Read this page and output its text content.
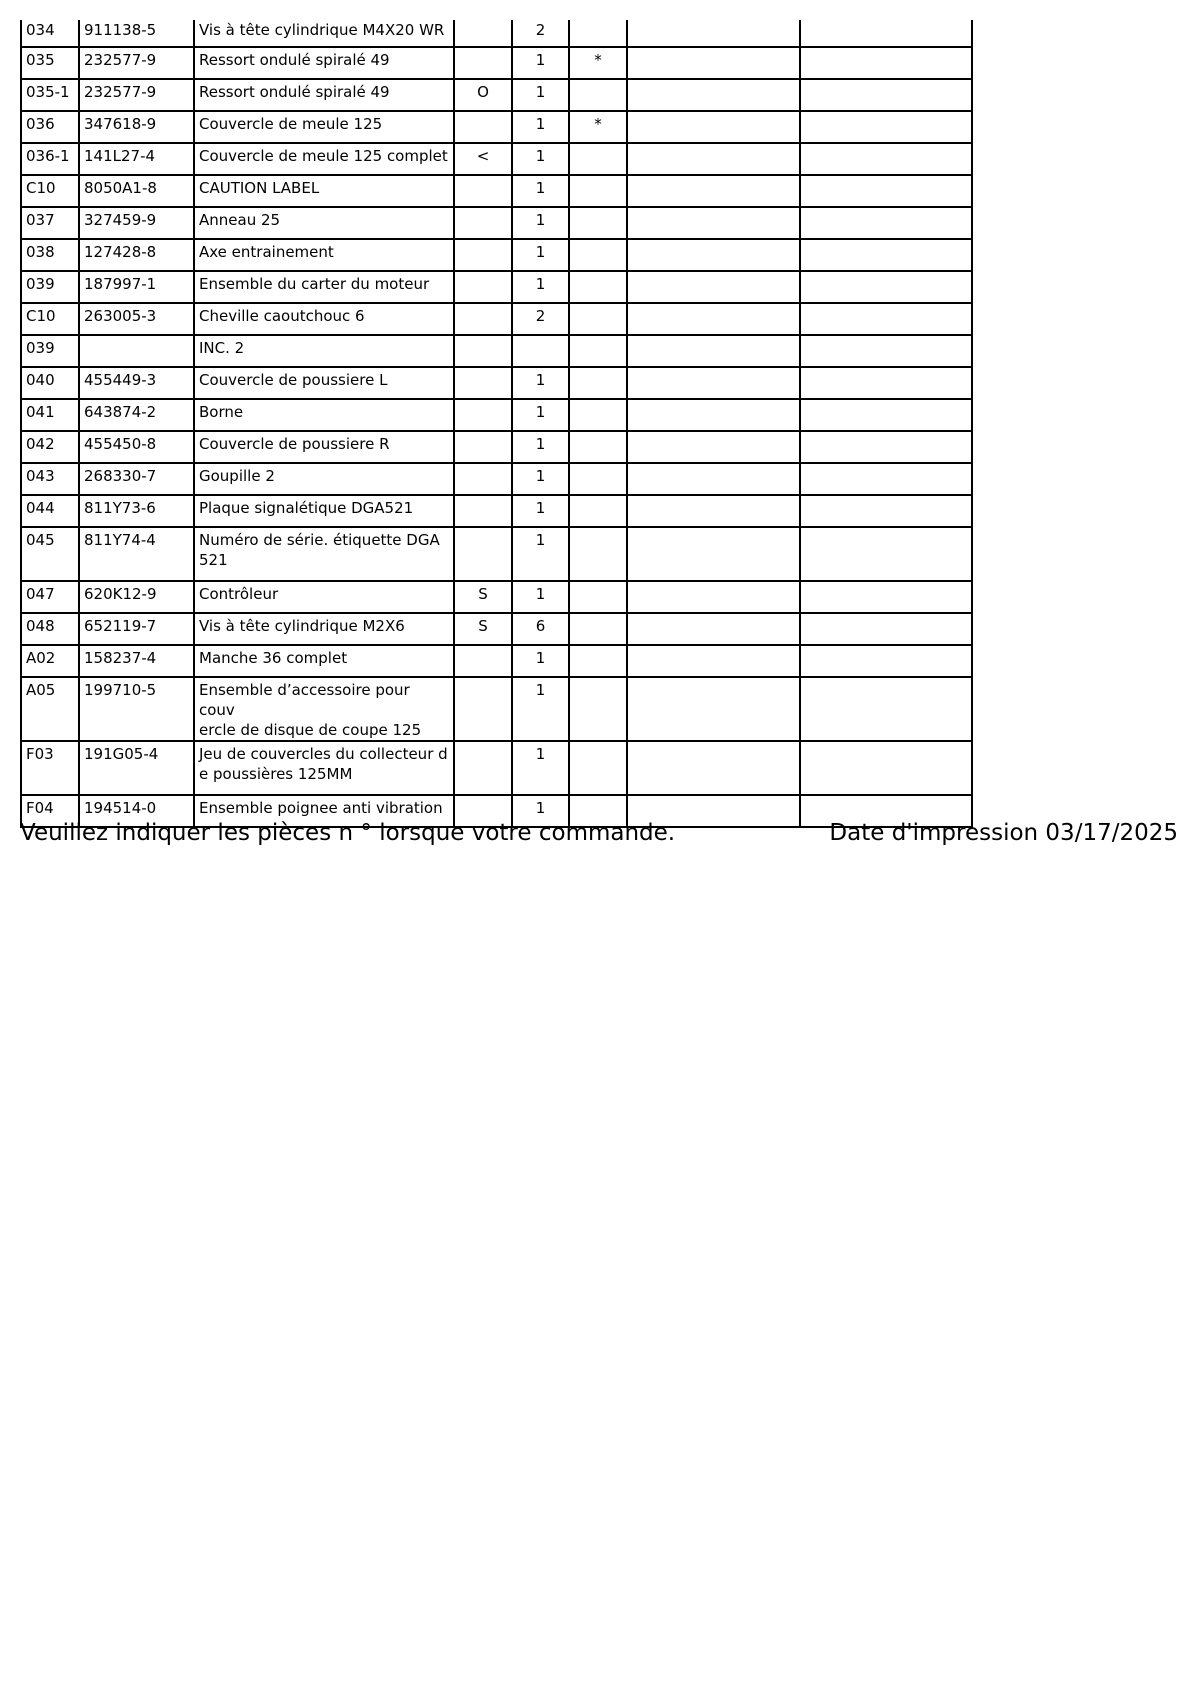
034	911138-5	Vis à tête cylindrique M4X20 WR		2			
035	232577-9	Ressort ondulé spiralé 49		1	*		
035-1	232577-9	Ressort ondulé spiralé 49	O	1			
036	347618-9	Couvercle de meule 125		1	*		
036-1	141L27-4	Couvercle de meule 125 complet	<	1			
C10	8050A1-8	CAUTION LABEL		1			
037	327459-9	Anneau 25		1			
038	127428-8	Axe entrainement		1			
039	187997-1	Ensemble du carter du moteur		1			
C10	263005-3	Cheville caoutchouc 6		2			
039		INC. 2					
040	455449-3	Couvercle de poussiere L		1			
041	643874-2	Borne		1			
042	455450-8	Couvercle de poussiere R		1			
043	268330-7	Goupille 2		1			
044	811Y73-6	Plaque signalétique DGA521		1			
045	811Y74-4	Numéro de série. étiquette DGA
521		1			
047	620K12-9	Contrôleur	S	1			
048	652119-7	Vis à tête cylindrique M2X6	S	6			
A02	158237-4	Manche 36 complet		1			
A05	199710-5	Ensemble d’accessoire pour couv
ercle de disque de coupe 125		1			
F03	191G05-4	Jeu de couvercles du collecteur d
e poussières 125MM		1			
F04	194514-0	Ensemble poignee anti vibration		1			
Veuillez indiquer les pièces n ° lorsque votre commande.	Date d'impression 03/17/2025
